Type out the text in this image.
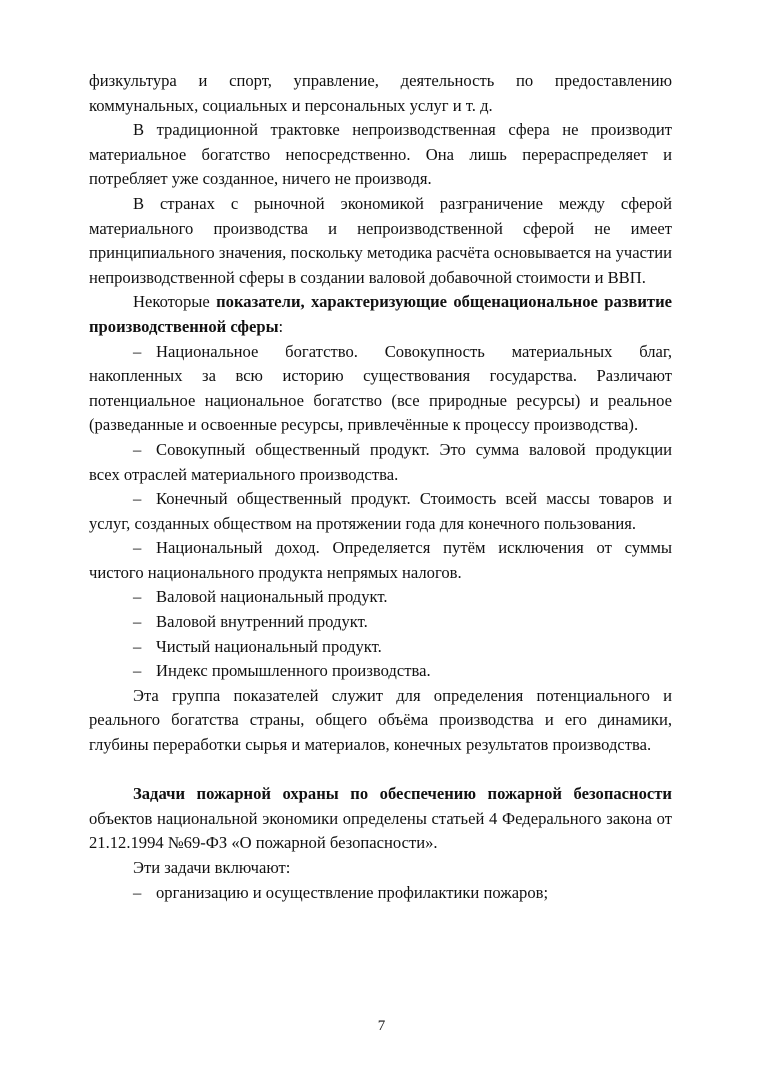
физкультура и спорт, управление, деятельность по предоставлению коммунальных, социальных и персональных услуг и т. д.

В традиционной трактовке непроизводственная сфера не производит материальное богатство непосредственно. Она лишь перераспределяет и потребляет уже созданное, ничего не производя.

В странах с рыночной экономикой разграничение между сферой материального производства и непроизводственной сферой не имеет принципиального значения, поскольку методика расчёта основывается на участии непроизводственной сферы в создании валовой добавочной стоимости и ВВП.

Некоторые показатели, характеризующие общенациональное развитие производственной сферы:

– Национальное богатство. Совокупность материальных благ, накопленных за всю историю существования государства. Различают потенциальное национальное богатство (все природные ресурсы) и реальное (разведанные и освоенные ресурсы, привлечённые к процессу производства).

– Совокупный общественный продукт. Это сумма валовой продукции всех отраслей материального производства.

– Конечный общественный продукт. Стоимость всей массы товаров и услуг, созданных обществом на протяжении года для конечного пользования.

– Национальный доход. Определяется путём исключения от суммы чистого национального продукта непрямых налогов.

– Валовой национальный продукт.

– Валовой внутренний продукт.

– Чистый национальный продукт.

– Индекс промышленного производства.

Эта группа показателей служит для определения потенциального и реального богатства страны, общего объёма производства и его динамики, глубины переработки сырья и материалов, конечных результатов производства.

Задачи пожарной охраны по обеспечению пожарной безопасности объектов национальной экономики определены статьей 4 Федерального закона от 21.12.1994 №69-ФЗ «О пожарной безопасности».

Эти задачи включают:

– организацию и осуществление профилактики пожаров;

7
